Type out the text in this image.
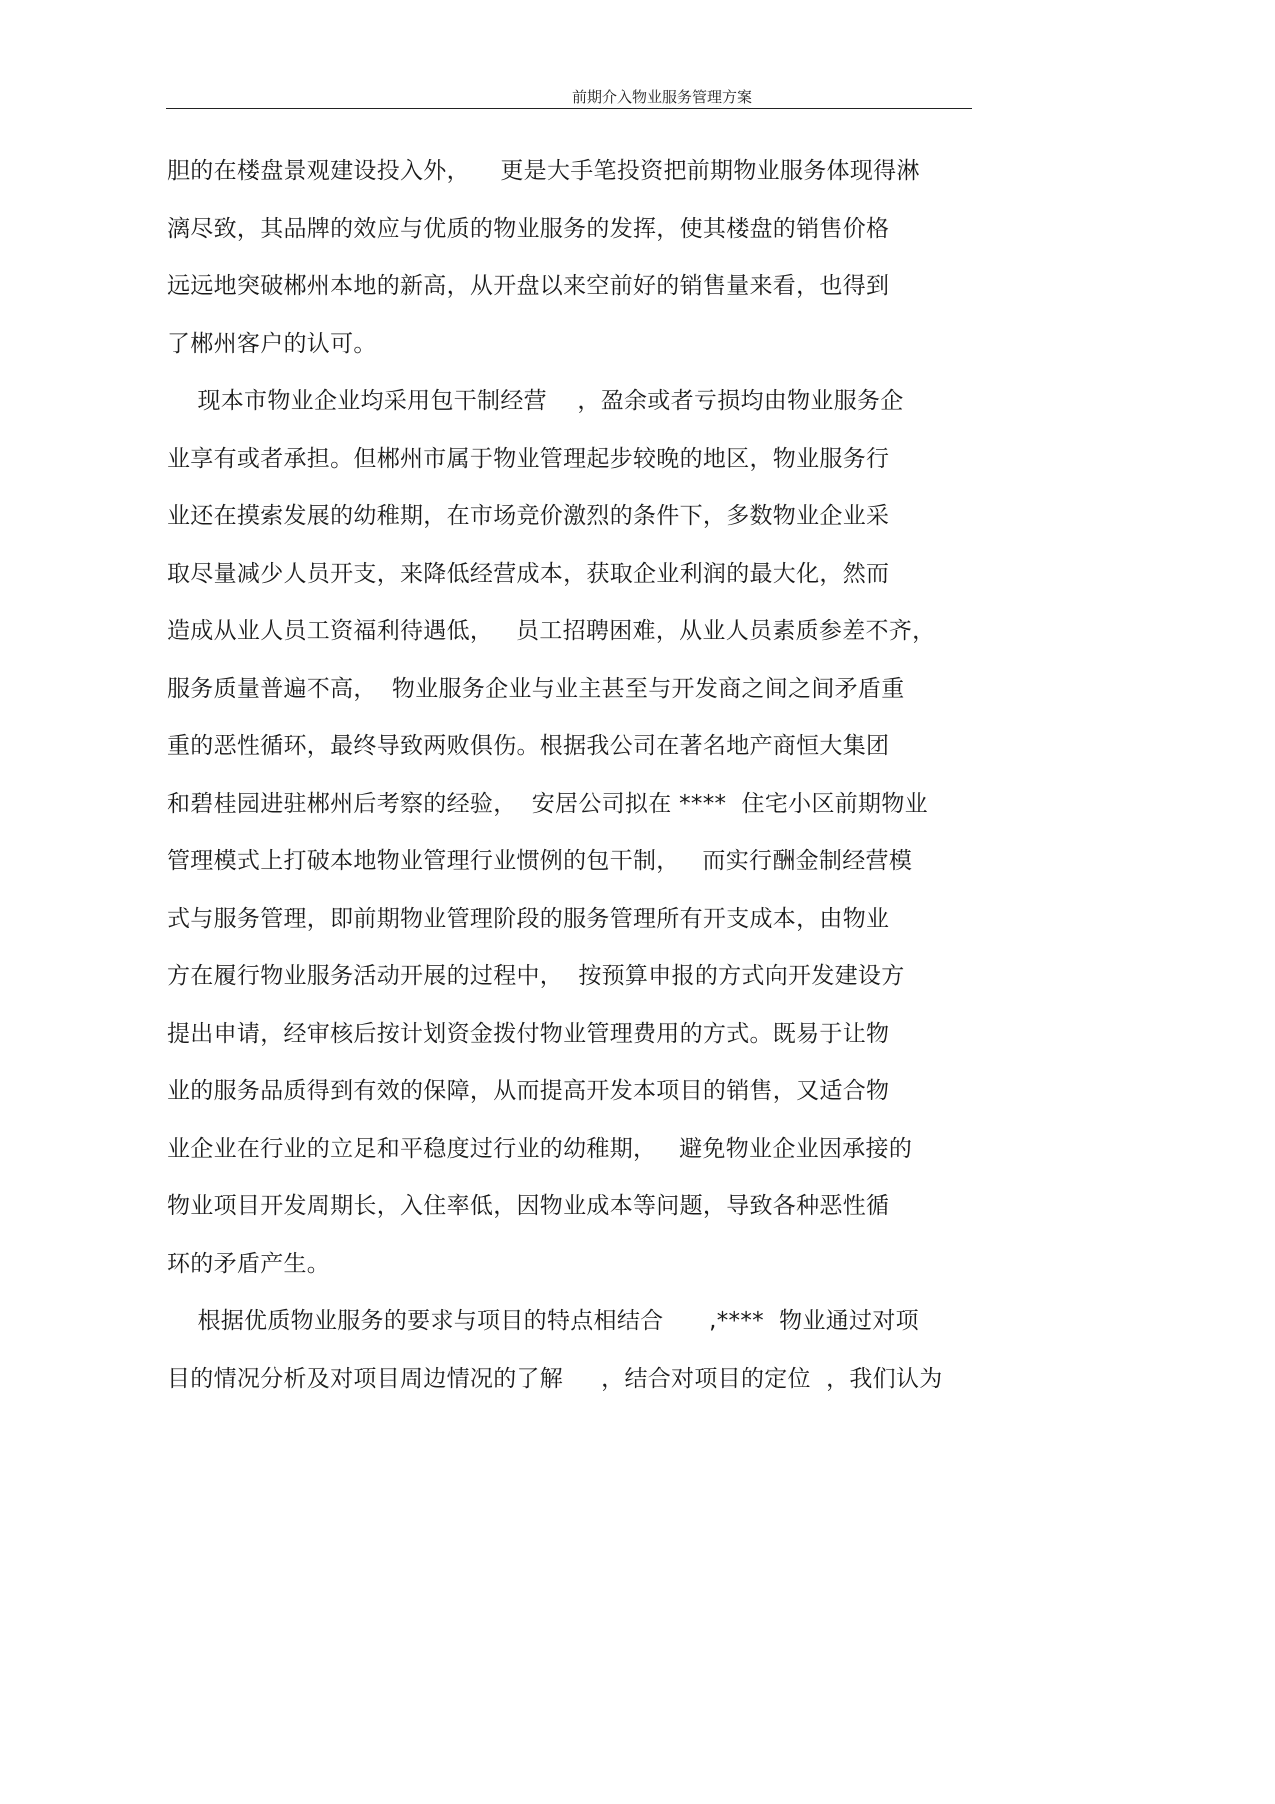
前期介入物业服务管理方案
胆的在楼盘景观建设投入外，    更是大手笔投资把前期物业服务体现得淋
漓尽致，其品牌的效应与优质的物业服务的发挥，使其楼盘的销售价格
远远地突破郴州本地的新高，从开盘以来空前好的销售量来看，也得到
了郴州客户的认可。
现本市物业企业均采用包干制经营    ，盈余或者亏损均由物业服务企
业享有或者承担。但郴州市属于物业管理起步较晚的地区，物业服务行
业还在摸索发展的幼稚期，在市场竞价激烈的条件下，多数物业企业采
取尽量减少人员开支，来降低经营成本，获取企业利润的最大化，然而
造成从业人员工资福利待遇低，   员工招聘困难，从业人员素质参差不齐，
服务质量普遍不高，  物业服务企业与业主甚至与开发商之间之间矛盾重
重的恶性循环，最终导致两败俱伤。根据我公司在著名地产商恒大集团
和碧桂园进驻郴州后考察的经验，  安居公司拟在 ****  住宅小区前期物业
管理模式上打破本地物业管理行业惯例的包干制，   而实行酬金制经营模
式与服务管理，即前期物业管理阶段的服务管理所有开支成本，由物业
方在履行物业服务活动开展的过程中，  按预算申报的方式向开发建设方
提出申请，经审核后按计划资金拨付物业管理费用的方式。既易于让物
业的服务品质得到有效的保障，从而提高开发本项目的销售，又适合物
业企业在行业的立足和平稳度过行业的幼稚期，   避免物业企业因承接的
物业项目开发周期长，入住率低，因物业成本等问题，导致各种恶性循
环的矛盾产生。
根据优质物业服务的要求与项目的特点相结合      ,****  物业通过对项
目的情况分析及对项目周边情况的了解     ，结合对项目的定位  ，我们认为
